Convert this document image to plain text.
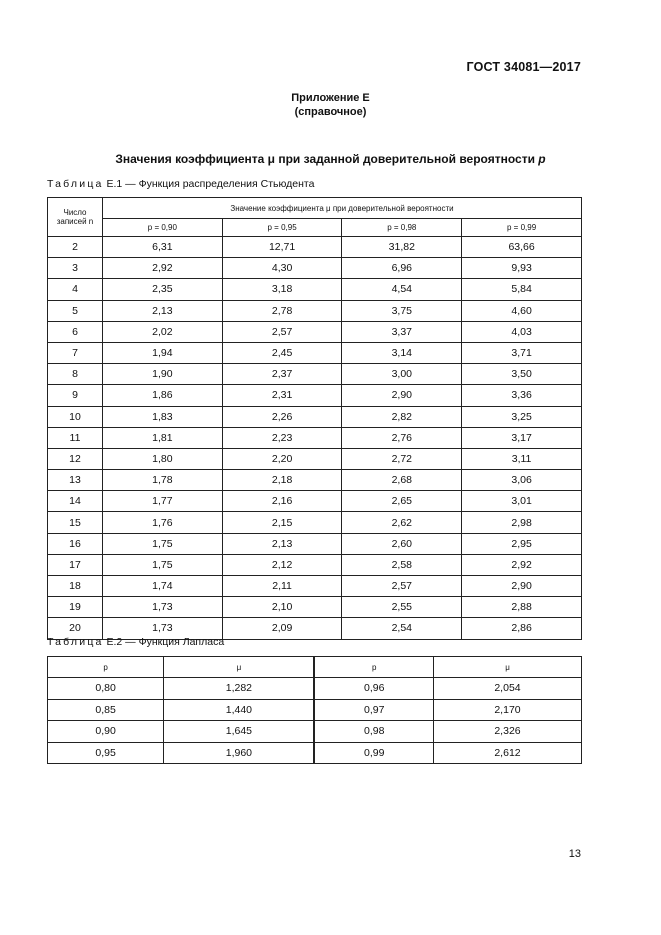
ГОСТ 34081—2017
Приложение Е
(справочное)
Значения коэффициента μ при заданной доверительной вероятности p
Таблица Е.1 — Функция распределения Стьюдента
Число записей n	Значение коэффициента μ при доверительной вероятности			
	p = 0,90	p = 0,95	p = 0,98	p = 0,99
2	6,31	12,71	31,82	63,66
3	2,92	4,30	6,96	9,93
4	2,35	3,18	4,54	5,84
5	2,13	2,78	3,75	4,60
6	2,02	2,57	3,37	4,03
7	1,94	2,45	3,14	3,71
8	1,90	2,37	3,00	3,50
9	1,86	2,31	2,90	3,36
10	1,83	2,26	2,82	3,25
11	1,81	2,23	2,76	3,17
12	1,80	2,20	2,72	3,11
13	1,78	2,18	2,68	3,06
14	1,77	2,16	2,65	3,01
15	1,76	2,15	2,62	2,98
16	1,75	2,13	2,60	2,95
17	1,75	2,12	2,58	2,92
18	1,74	2,11	2,57	2,90
19	1,73	2,10	2,55	2,88
20	1,73	2,09	2,54	2,86
Таблица Е.2 — Функция Лапласа
p	μ	p	μ
0,80	1,282	0,96	2,054
0,85	1,440	0,97	2,170
0,90	1,645	0,98	2,326
0,95	1,960	0,99	2,612
13
